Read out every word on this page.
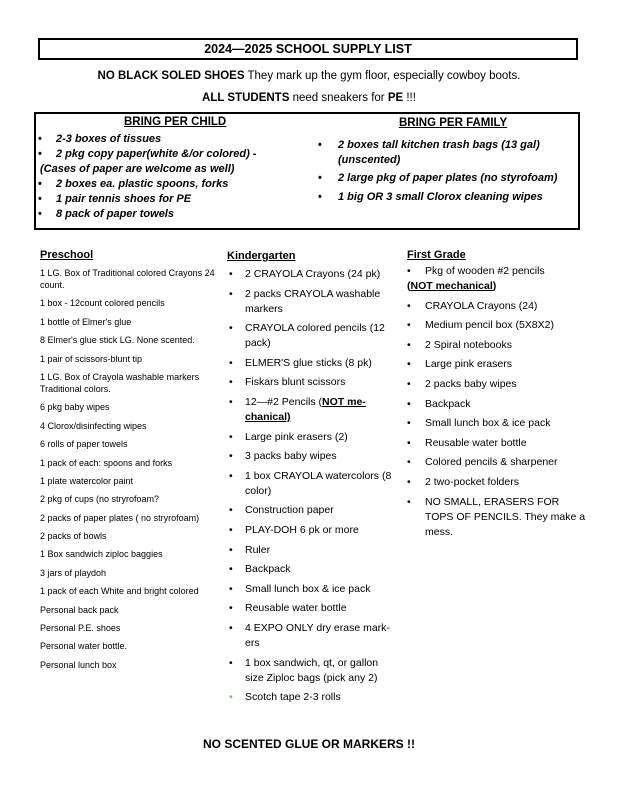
2024—2025 SCHOOL SUPPLY LIST
NO BLACK SOLED SHOES They mark up the gym floor, especially cowboy boots.
ALL STUDENTS need sneakers for PE !!!
BRING PER CHILD
• 2-3 boxes of tissues
• 2 pkg copy paper(white &/or colored) -
(Cases of paper are welcome as well)
• 2 boxes ea. plastic spoons, forks
• 1 pair tennis shoes for PE
• 8 pack of paper towels
BRING PER FAMILY
• 2 boxes tall kitchen trash bags (13 gal) (unscented)
• 2 large pkg of paper plates (no styrofoam)
• 1 big OR 3 small Clorox cleaning wipes
Preschool
1 LG. Box of Traditional colored Crayons 24 count.
1 box - 12count colored pencils
1 bottle of Elmer's glue
8 Elmer's glue stick LG. None scented.
1 pair of scissors-blunt tip
1 LG. Box of Crayola washable markers Traditional colors.
6 pkg baby wipes
4 Clorox/disinfecting wipes
6 rolls of paper towels
1 pack of each: spoons and forks
1 plate watercolor paint
2 pkg of cups (no stryrofoam?
2 packs of paper plates ( no stryrofoam)
2 packs of bowls
1 Box sandwich ziploc baggies
3 jars of playdoh
1 pack of each White and bright colored
Personal back pack
Personal P.E. shoes
Personal water bottle.
Personal lunch box
Kindergarten
• 2 CRAYOLA Crayons (24 pk)
• 2 packs CRAYOLA washable markers
• CRAYOLA colored pencils (12 pack)
• ELMER'S glue sticks (8 pk)
• Fiskars blunt scissors
• 12—#2 Pencils (NOT me-chanical)
• Large pink erasers (2)
• 3 packs baby wipes
• 1 box CRAYOLA watercolors (8 color)
• Construction paper
• PLAY-DOH 6 pk or more
• Ruler
• Backpack
• Small lunch box & ice pack
• Reusable water bottle
• 4 EXPO ONLY dry erase mark-ers
• 1 box sandwich, qt, or gallon size Ziploc bags (pick any 2)
• Scotch tape 2-3 rolls
First Grade
• Pkg of wooden #2 pencils
(NOT mechanical)
• CRAYOLA Crayons (24)
• Medium pencil box (5X8X2)
• 2 Spiral notebooks
• Large pink erasers
• 2 packs baby wipes
• Backpack
• Small lunch box & ice pack
• Reusable water bottle
• Colored pencils & sharpener
• 2 two-pocket folders
• NO SMALL, ERASERS FOR TOPS OF PENCILS. They make a mess.
NO SCENTED GLUE OR MARKERS !!
